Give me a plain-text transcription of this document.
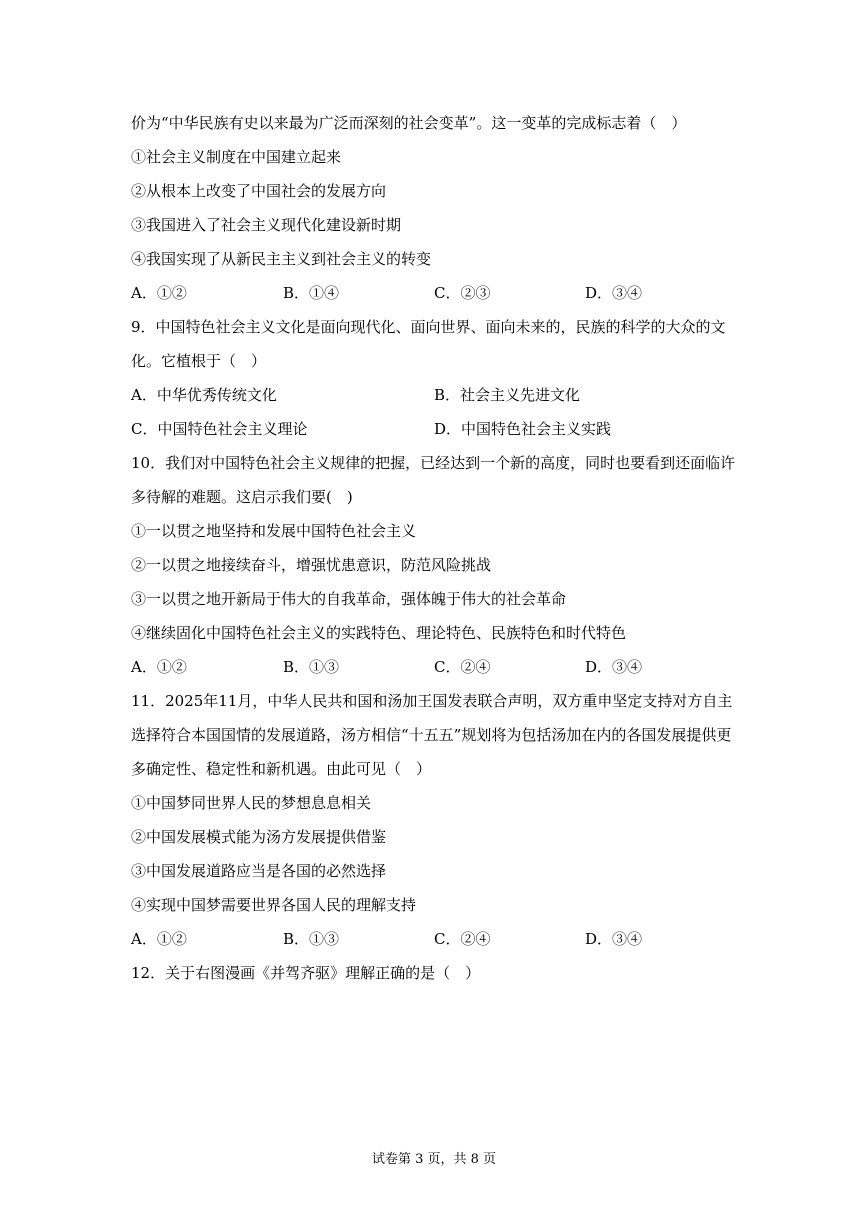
价为“中华民族有史以来最为广泛而深刻的社会变革”。这一变革的完成标志着（　）
①社会主义制度在中国建立起来
②从根本上改变了中国社会的发展方向
③我国进入了社会主义现代化建设新时期
④我国实现了从新民主主义到社会主义的转变
A．①②	B．①④	C．②③	D．③④
9．中国特色社会主义文化是面向现代化、面向世界、面向未来的，民族的科学的大众的文
化。它植根于（　）
A．中华优秀传统文化	B．社会主义先进文化
C．中国特色社会主义理论	D．中国特色社会主义实践
10．我们对中国特色社会主义规律的把握，已经达到一个新的高度，同时也要看到还面临许
多待解的难题。这启示我们要(　)
①一以贯之地坚持和发展中国特色社会主义
②一以贯之地接续奋斗，增强忧患意识，防范风险挑战
③一以贯之地开新局于伟大的自我革命，强体魄于伟大的社会革命
④继续固化中国特色社会主义的实践特色、理论特色、民族特色和时代特色
A．①②	B．①③	C．②④	D．③④
11．2025年11月，中华人民共和国和汤加王国发表联合声明，双方重申坚定支持对方自主
选择符合本国国情的发展道路，汤方相信“十五五”规划将为包括汤加在内的各国发展提供更
多确定性、稳定性和新机遇。由此可见（　）
①中国梦同世界人民的梦想息息相关
②中国发展模式能为汤方发展提供借鉴
③中国发展道路应当是各国的必然选择
④实现中国梦需要世界各国人民的理解支持
A．①②	B．①③	C．②④	D．③④
12．关于右图漫画《并驾齐驱》理解正确的是（　）
试卷第 3 页，共 8 页
